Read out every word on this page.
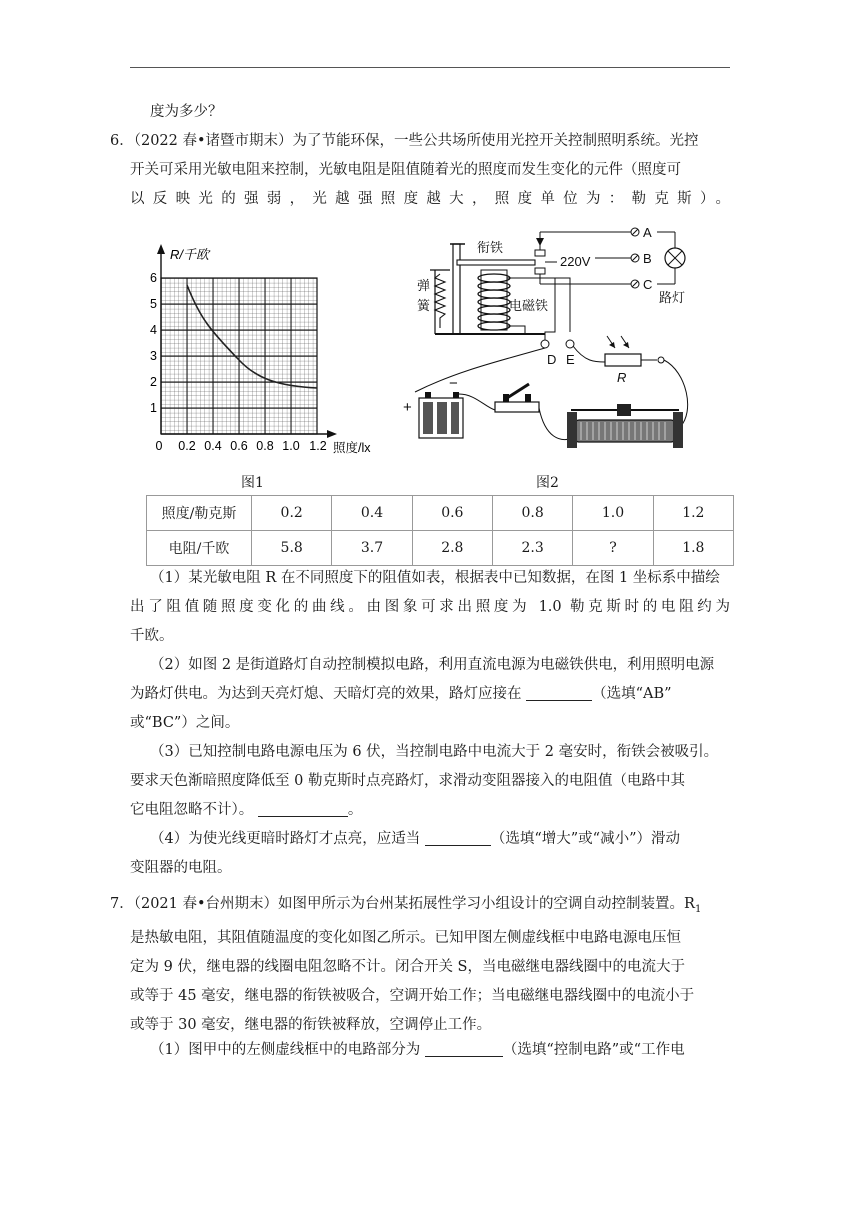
度为多少？

6．（2022 春•诸暨市期末）为了节能环保，一些公共场所使用光控开关控制照明系统。光控

开关可采用光敏电阻来控制，光敏电阻是阻值随着光的照度而发生变化的元件（照度可

以反映光的强弱，光越强照度越大，照度单位为：勒克斯）。

R/千欧
1
2
3
4
5
6
0 0.2 0.4 0.6 0.8 1.0 1.2 照度/lx
图1
弹
簧
衔铁
电磁铁
220V
A
B
C
路灯
D E
R
+
−
图2
照度/勒克斯	0.2	0.4	0.6	0.8	1.0	1.2
电阻/千欧	5.8	3.7	2.8	2.3	?	1.8

（1）某光敏电阻 R 在不同照度下的阻值如表，根据表中已知数据，在图 1 坐标系中描绘

出了阻值随照度变化的曲线。由图象可求出照度为 1.0 勒克斯时的电阻约为

千欧。

（2）如图 2 是街道路灯自动控制模拟电路，利用直流电源为电磁铁供电，利用照明电源

为路灯供电。为达到天亮灯熄、天暗灯亮的效果，路灯应接在	（选填“AB”

或“BC”）之间。

（3）已知控制电路电源电压为 6 伏，当控制电路中电流大于 2 毫安时，衔铁会被吸引。

要求天色渐暗照度降低至 0 勒克斯时点亮路灯，求滑动变阻器接入的电阻值（电路中其

它电阻忽略不计）。	。

（4）为使光线更暗时路灯才点亮，应适当	（选填“增大”或“减小”）滑动

变阻器的电阻。

7．（2021 春•台州期末）如图甲所示为台州某拓展性学习小组设计的空调自动控制装置。$R_1$

是热敏电阻，其阻值随温度的变化如图乙所示。已知甲图左侧虚线框中电路电源电压恒

定为 9 伏，继电器的线圈电阻忽略不计。闭合开关 S，当电磁继电器线圈中的电流大于

或等于 45 毫安，继电器的衔铁被吸合，空调开始工作；当电磁继电器线圈中的电流小于

或等于 30 毫安，继电器的衔铁被释放，空调停止工作。

（1）图甲中的左侧虚线框中的电路部分为	（选填“控制电路”或“工作电
